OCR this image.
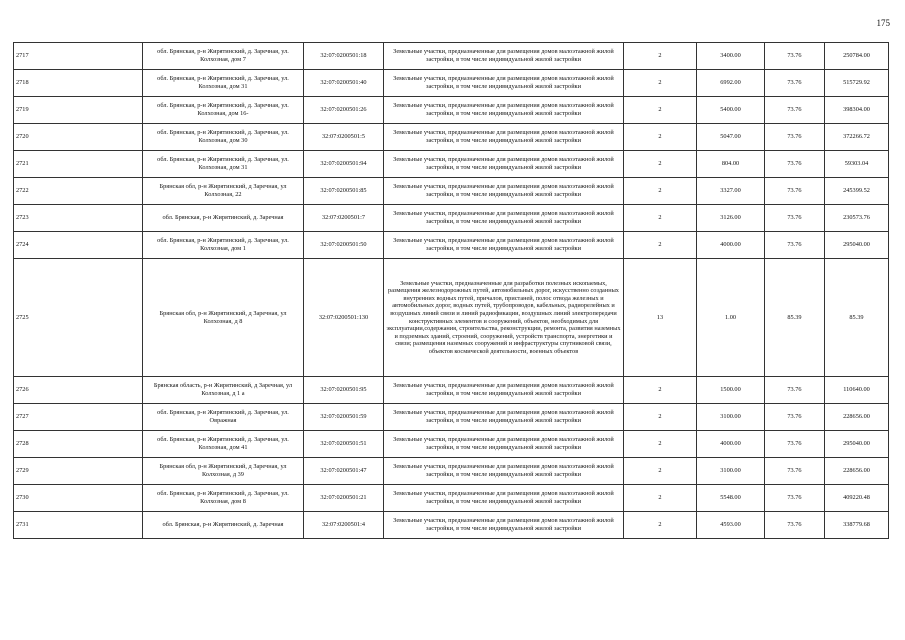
175
2717	обл. Брянская, р-н Жирятинский, д. Заречная, ул. Колхозная, дом 7	32:07:0200501:18	Земельные участки, предназначенные для размещения домов малоэтажной жилой застройки, в том числе индивидуальной жилой застройки	2	3400.00	73.76	250784.00
2718	обл. Брянская, р-н Жирятинский, д. Заречная, ул. Колхозная, дом 31	32:07:0200501:40	Земельные участки, предназначенные для размещения домов малоэтажной жилой застройки, в том числе индивидуальной жилой застройки	2	6992.00	73.76	515729.92
2719	обл. Брянская, р-н Жирятинский, д. Заречная, ул. Колхозная, дом 16-	32:07:0200501:26	Земельные участки, предназначенные для размещения домов малоэтажной жилой застройки, в том числе индивидуальной жилой застройки	2	5400.00	73.76	398304.00
2720	обл. Брянская, р-н Жирятинский, д. Заречная, ул. Колхозная, дом 30	32:07:0200501:5	Земельные участки, предназначенные для размещения домов малоэтажной жилой застройки, в том числе индивидуальной жилой застройки	2	5047.00	73.76	372266.72
2721	обл. Брянская, р-н Жирятинский, д. Заречная, ул. Колхозная, дом 31	32:07:0200501:94	Земельные участки, предназначенные для размещения домов малоэтажной жилой застройки, в том числе индивидуальной жилой застройки	2	804.00	73.76	59303.04
2722	Брянская обл, р-н Жирятинский, д Заречная, ул Колхозная, 22	32:07:0200501:85	Земельные участки, предназначенные для размещения домов малоэтажной жилой застройки, в том числе индивидуальной жилой застройки	2	3327.00	73.76	245399.52
2723	обл. Брянская, р-н Жирятинский, д. Заречная	32:07:0200501:7	Земельные участки, предназначенные для размещения домов малоэтажной жилой застройки, в том числе индивидуальной жилой застройки	2	3126.00	73.76	230573.76
2724	обл. Брянская, р-н Жирятинский, д. Заречная, ул. Колхозная, дом 1	32:07:0200501:50	Земельные участки, предназначенные для размещения домов малоэтажной жилой застройки, в том числе индивидуальной жилой застройки	2	4000.00	73.76	295040.00
2725	Брянская обл, р-н Жирятинский, д Заречная, ул Колхозная, д 8	32:07:0200501:130	Земельные участки, предназначенные для разработки полезных ископаемых, размещения железнодорожных путей, автомобильных дорог, искусственно созданных внутренних водных путей, причалов, пристаней, полос отвода железных и автомобильных дорог, водных путей, трубопроводов, кабельных, радиорелейных и воздушных линий связи и линий радиофикации, воздушных линий электропередачи конструктивных элементов и сооружений, объектов, необходимых для эксплуатации,содержания, строительства, реконструкции, ремонта, развития наземных и подземных зданий, строений, сооружений, устройств транспорта, энергетики и связи; размещения наземных сооружений и инфраструктуры спутниковой связи, объектов космической деятельности, военных объектов	13	1.00	85.39	85.39
2726	Брянская область, р-н Жирятинский, д Заречная, ул Колхозная, д 1 а	32:07:0200501:95	Земельные участки, предназначенные для размещения домов малоэтажной жилой застройки, в том числе индивидуальной жилой застройки	2	1500.00	73.76	110640.00
2727	обл. Брянская, р-н Жирятинский, д. Заречная, ул. Овражная	32:07:0200501:59	Земельные участки, предназначенные для размещения домов малоэтажной жилой застройки, в том числе индивидуальной жилой застройки	2	3100.00	73.76	228656.00
2728	обл. Брянская, р-н Жирятинский, д. Заречная, ул. Колхозная, дом 41	32:07:0200501:51	Земельные участки, предназначенные для размещения домов малоэтажной жилой застройки, в том числе индивидуальной жилой застройки	2	4000.00	73.76	295040.00
2729	Брянская обл, р-н Жирятинский, д Заречная, ул Колхозная, д 39	32:07:0200501:47	Земельные участки, предназначенные для размещения домов малоэтажной жилой застройки, в том числе индивидуальной жилой застройки	2	3100.00	73.76	228656.00
2730	обл. Брянская, р-н Жирятинский, д. Заречная, ул. Колхозная, дом 8	32:07:0200501:21	Земельные участки, предназначенные для размещения домов малоэтажной жилой застройки, в том числе индивидуальной жилой застройки	2	5548.00	73.76	409220.48
2731	обл. Брянская, р-н Жирятинский, д. Заречная	32:07:0200501:4	Земельные участки, предназначенные для размещения домов малоэтажной жилой застройки, в том числе индивидуальной жилой застройки	2	4593.00	73.76	338779.68
